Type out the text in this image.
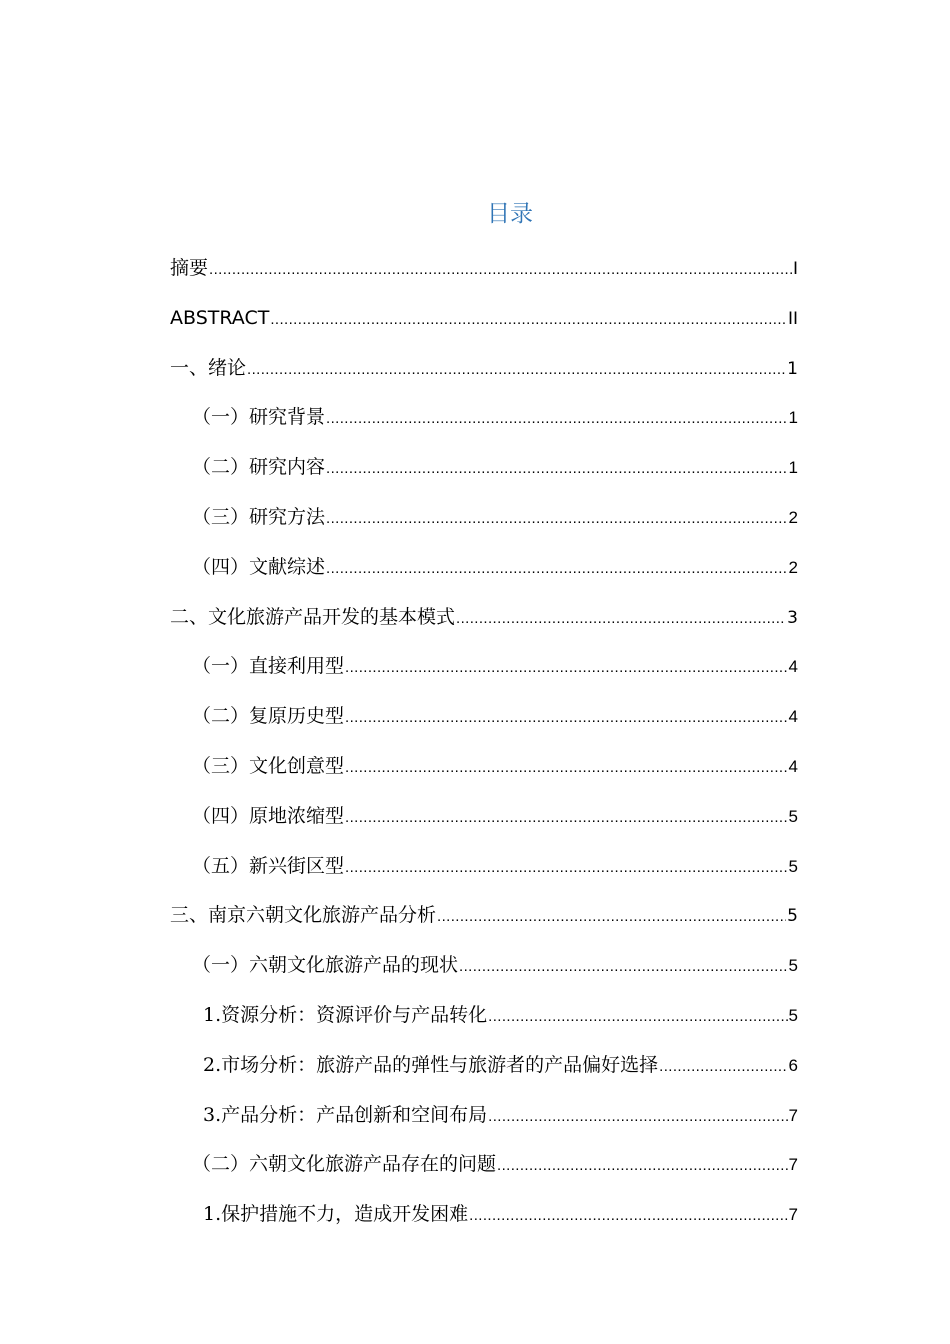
目录
摘要 .....	I
ABSTRACT .....	II
一、绪论 .....	1
（一）研究背景 .....	1
（二）研究内容 .....	1
（三）研究方法 .....	2
（四）文献综述 .....	2
二、文化旅游产品开发的基本模式 .....	3
（一）直接利用型 .....	4
（二）复原历史型 .....	4
（三）文化创意型 .....	4
（四）原地浓缩型 .....	5
（五）新兴街区型 .....	5
三、南京六朝文化旅游产品分析 .....	5
（一）六朝文化旅游产品的现状 .....	5
1.资源分析：资源评价与产品转化 .....	5
2.市场分析：旅游产品的弹性与旅游者的产品偏好选择 .....	6
3.产品分析：产品创新和空间布局 .....	7
（二）六朝文化旅游产品存在的问题 .....	7
1.保护措施不力，造成开发困难 .....	7
